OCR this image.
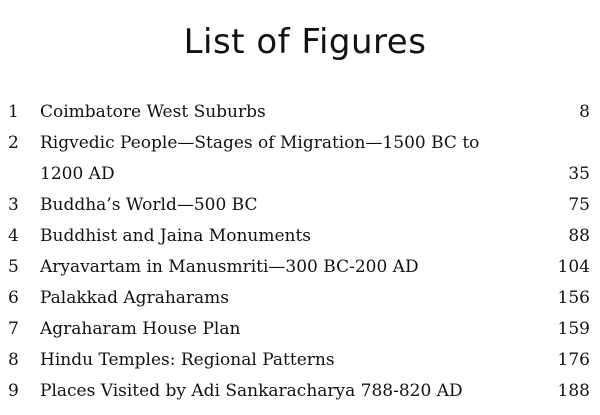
List of Figures
1 Coimbatore West Suburbs	8
2 Rigvedic People—Stages of Migration—1500 BC to 1200 AD	35
3 Buddha’s World—500 BC	75
4 Buddhist and Jaina Monuments	88
5 Aryavartam in Manusmriti—300 BC-200 AD	104
6 Palakkad Agraharams	156
7 Agraharam House Plan	159
8 Hindu Temples: Regional Patterns	176
9 Places Visited by Adi Sankaracharya 788-820 AD	188
